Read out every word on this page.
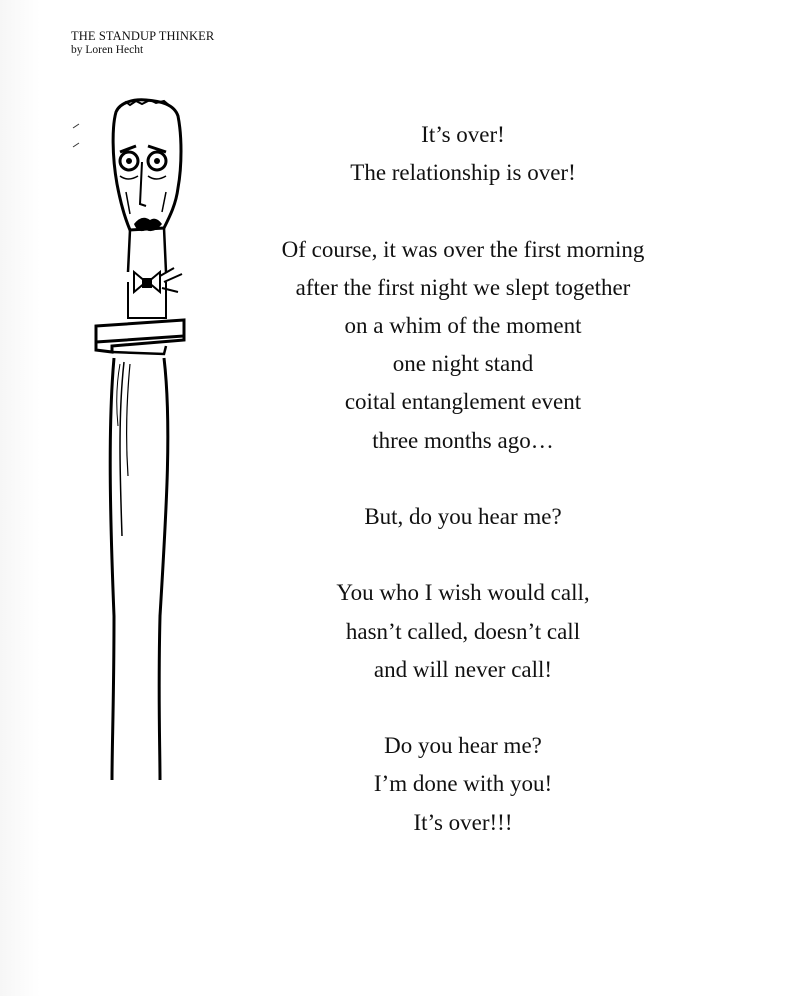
THE STANDUP THINKER
by Loren Hecht
It’s over!
The relationship is over!
Of course, it was over the first morning
after the first night we slept together
on a whim of the moment
one night stand
coital entanglement event
three months ago…
But, do you hear me?
You who I wish would call,
hasn’t called, doesn’t call
and will never call!
Do you hear me?
I’m done with you!
It’s over!!!
